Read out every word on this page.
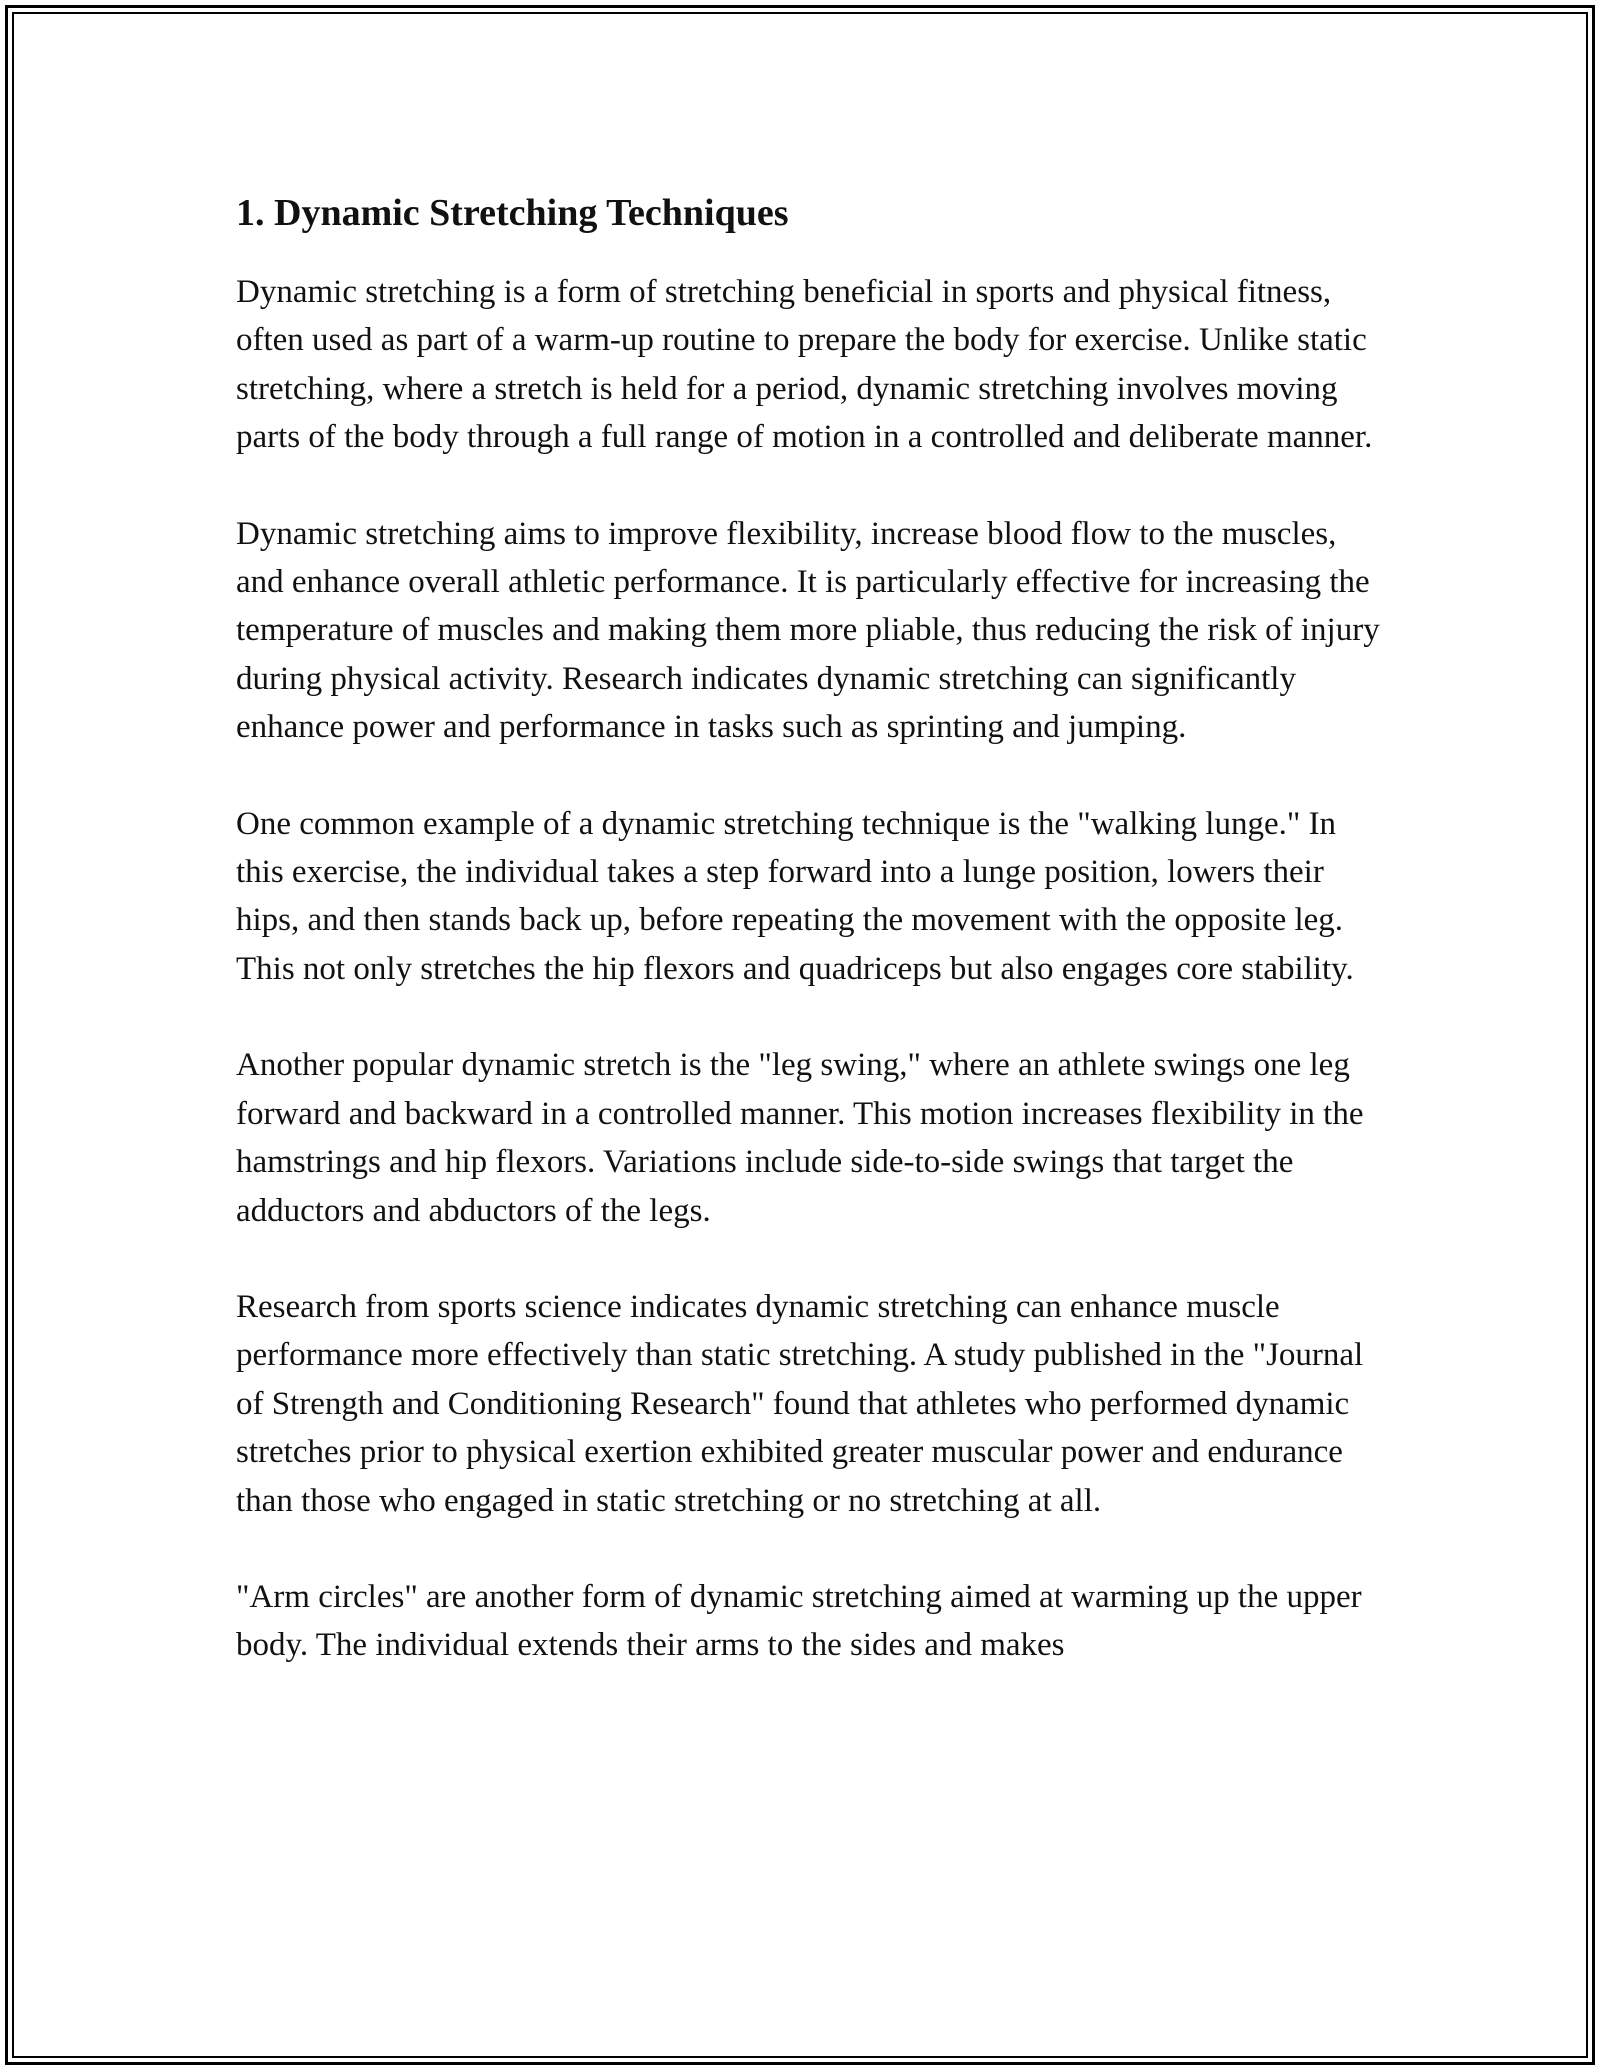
1. Dynamic Stretching Techniques

Dynamic stretching is a form of stretching beneficial in sports and physical fitness, often used as part of a warm-up routine to prepare the body for exercise. Unlike static stretching, where a stretch is held for a period, dynamic stretching involves moving parts of the body through a full range of motion in a controlled and deliberate manner.

Dynamic stretching aims to improve flexibility, increase blood flow to the muscles, and enhance overall athletic performance. It is particularly effective for increasing the temperature of muscles and making them more pliable, thus reducing the risk of injury during physical activity. Research indicates dynamic stretching can significantly enhance power and performance in tasks such as sprinting and jumping.

One common example of a dynamic stretching technique is the "walking lunge." In this exercise, the individual takes a step forward into a lunge position, lowers their hips, and then stands back up, before repeating the movement with the opposite leg. This not only stretches the hip flexors and quadriceps but also engages core stability.

Another popular dynamic stretch is the "leg swing," where an athlete swings one leg forward and backward in a controlled manner. This motion increases flexibility in the hamstrings and hip flexors. Variations include side-to-side swings that target the adductors and abductors of the legs.

Research from sports science indicates dynamic stretching can enhance muscle performance more effectively than static stretching. A study published in the "Journal of Strength and Conditioning Research" found that athletes who performed dynamic stretches prior to physical exertion exhibited greater muscular power and endurance than those who engaged in static stretching or no stretching at all.

"Arm circles" are another form of dynamic stretching aimed at warming up the upper body. The individual extends their arms to the sides and makes
